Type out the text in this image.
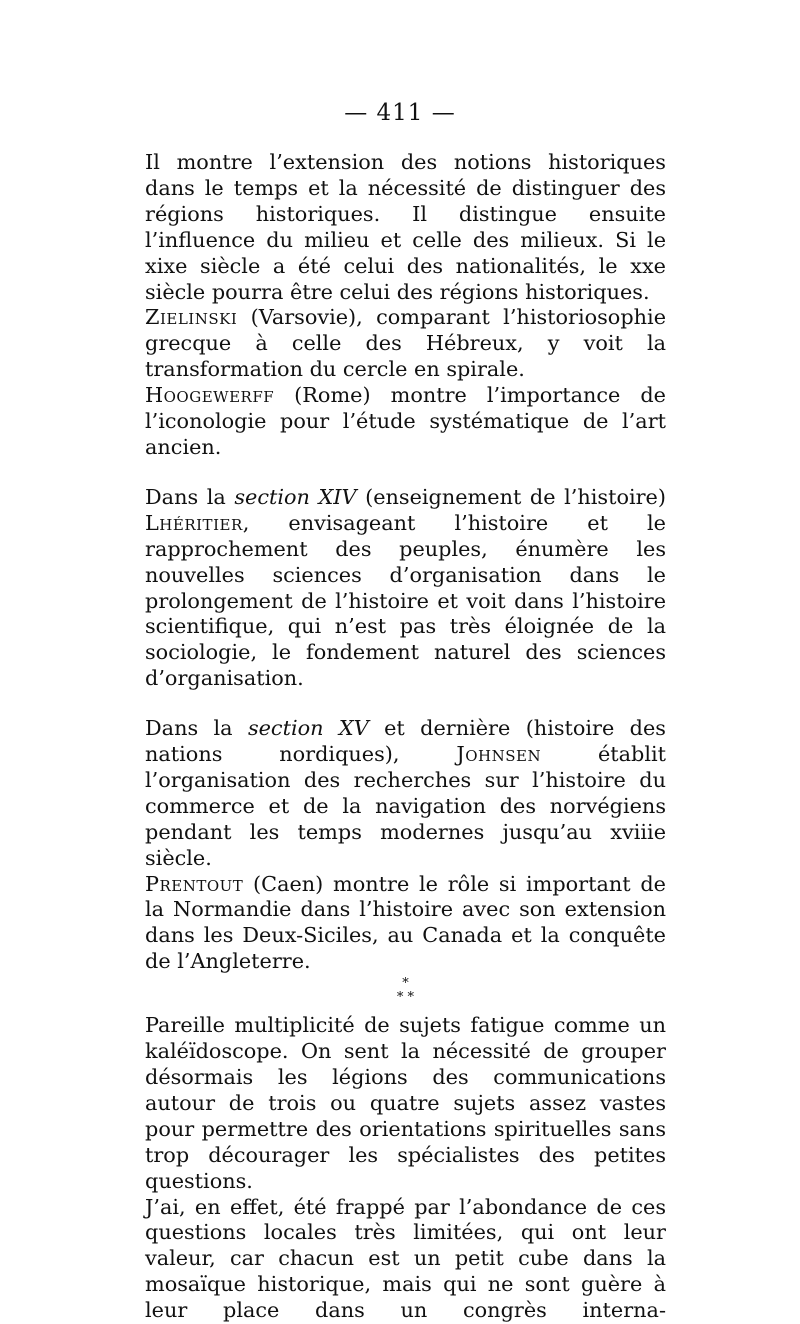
— 411 —

Il montre l’extension des notions historiques dans le temps et la nécessité de distinguer des régions historiques. Il distingue ensuite l’influence du milieu et celle des milieux. Si le xixe siècle a été celui des nationalités, le xxe siècle pourra être celui des régions historiques.

Zielinski (Varsovie), comparant l’historiosophie grecque à celle des Hébreux, y voit la transformation du cercle en spirale.

Hoogewerff (Rome) montre l’importance de l’iconologie pour l’étude systématique de l’art ancien.

Dans la section XIV (enseignement de l’histoire) Lhéritier, envisageant l’histoire et le rapprochement des peuples, énumère les nouvelles sciences d’organisation dans le prolongement de l’histoire et voit dans l’histoire scientifique, qui n’est pas très éloignée de la sociologie, le fondement naturel des sciences d’organisation.

Dans la section XV et dernière (histoire des nations nordiques), Johnsen établit l’organisation des recherches sur l’histoire du commerce et de la navigation des norvégiens pendant les temps modernes jusqu’au xviiie siècle.

Prentout (Caen) montre le rôle si important de la Normandie dans l’histoire avec son extension dans les Deux-Siciles, au Canada et la conquête de l’Angleterre.

*
* *

Pareille multiplicité de sujets fatigue comme un kaléïdoscope. On sent la nécessité de grouper désormais les légions des communications autour de trois ou quatre sujets assez vastes pour permettre des orientations spirituelles sans trop décourager les spécialistes des petites questions.

J’ai, en effet, été frappé par l’abondance de ces questions locales très limitées, qui ont leur valeur, car chacun est un petit cube dans la mosaïque historique, mais qui ne sont guère à leur place dans un congrès interna-
